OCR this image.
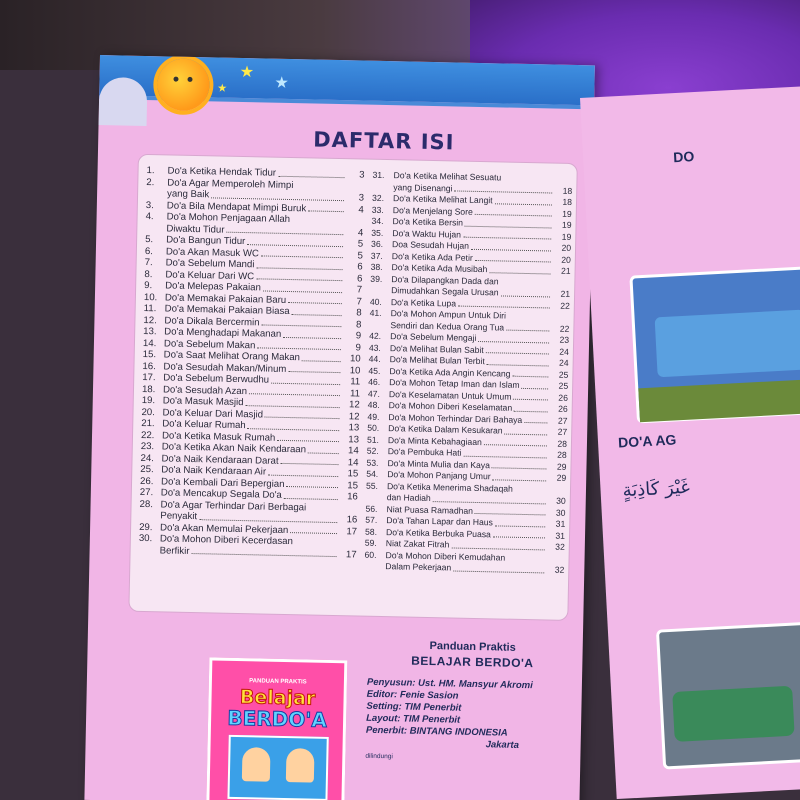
★
★
★
DAFTAR ISI
1.	Do'a Ketika Hendak Tidur	3
2.	Do'a Agar Memperoleh Mimpi
yang Baik	3
3.	Do'a Bila Mendapat Mimpi Buruk	4
4.	Do'a Mohon Penjagaan Allah
Diwaktu Tidur	4
5.	Do'a Bangun Tidur	5
6.	Do'a Akan Masuk WC	5
7.	Do'a Sebelum Mandi	6
8.	Do'a Keluar Dari WC	6
9.	Do'a Melepas Pakaian	7
10. Do'a Memakai Pakaian Baru	7
11. Do'a Memakai Pakaian Biasa	8
12. Do'a Dikala Bercermin	8
13. Do'a Menghadapi Makanan	9
14. Do'a Sebelum Makan	9
15. Do'a Saat Melihat Orang Makan	10
16. Do'a Sesudah Makan/Minum	10
17. Do'a Sebelum Berwudhu	11
18. Do'a Sesudah Azan	11
19. Do'a Masuk Masjid	12
20. Do'a Keluar Dari Masjid	12
21. Do'a Keluar Rumah	13
22. Do'a Ketika Masuk Rumah	13
23. Do'a Ketika Akan Naik Kendaraan	14
24. Do'a Naik Kendaraan Darat	14
25. Do'a Naik Kendaraan Air	15
26. Do'a Kembali Dari Bepergian	15
27. Do'a Mencakup Segala Do'a	16
28. Do'a Agar Terhindar Dari Berbagai
Penyakit	16
29. Do'a Akan Memulai Pekerjaan	17
30. Do'a Mohon Diberi Kecerdasan
Berfikir	17
31.	Do'a Ketika Melihat Sesuatu
yang Disenangi	18
32.	Do'a Ketika Melihat Langit	18
33.	Do'a Menjelang Sore	19
34.	Do'a Ketika Bersin	19
35.	Do'a Waktu Hujan	19
36.	Doa Sesudah Hujan	20
37.	Do'a Ketika Ada Petir	20
38.	Do'a Ketika Ada Musibah	21
39.	Do'a Dilapangkan Dada dan
Dimudahkan Segala Urusan	21
40.	Do'a Ketika Lupa	22
41.	Do'a Mohon Ampun Untuk Diri
Sendiri dan Kedua Orang Tua	22
42.	Do'a Sebelum Mengaji	23
43.	Do'a Melihat Bulan Sabit	24
44.	Do'a Melihat Bulan Terbit	24
45.	Do'a Ketika Ada Angin Kencang	25
46.	Do'a Mohon Tetap Iman dan Islam	25
47.	Do'a Keselamatan Untuk Umum	26
48.	Do'a Mohon Diberi Keselamatan	26
49.	Do'a Mohon Terhindar Dari Bahaya	27
50.	Do'a Ketika Dalam Kesukaran	27
51.	Do'a Minta Kebahagiaan	28
52.	Do'a Pembuka Hati	28
53.	Do'a Minta Mulia dan Kaya	29
54.	Do'a Mohon Panjang Umur	29
55.	Do'a Ketika Menerima Shadaqah
dan Hadiah	30
56.	Niat Puasa Ramadhan	30
57.	Do'a Tahan Lapar dan Haus	31
58.	Do'a Ketika Berbuka Puasa	31
59.	Niat Zakat Fitrah	32
60.	Do'a Mohon Diberi Kemudahan
Dalam Pekerjaan	32
PANDUAN PRAKTIS
Belajar
BERDO'A
Panduan Praktis
BELAJAR BERDO'A
Penyusun: Ust. HM. Mansyur Akromi
Editor: Fenie Sasion
Setting: TIM Penerbit
Layout: TIM Penerbit
Penerbit: BINTANG INDONESIA
Jakarta
dilindungi
DO
DO'A AG
غَيْرَ كَاذِبَةٍ
